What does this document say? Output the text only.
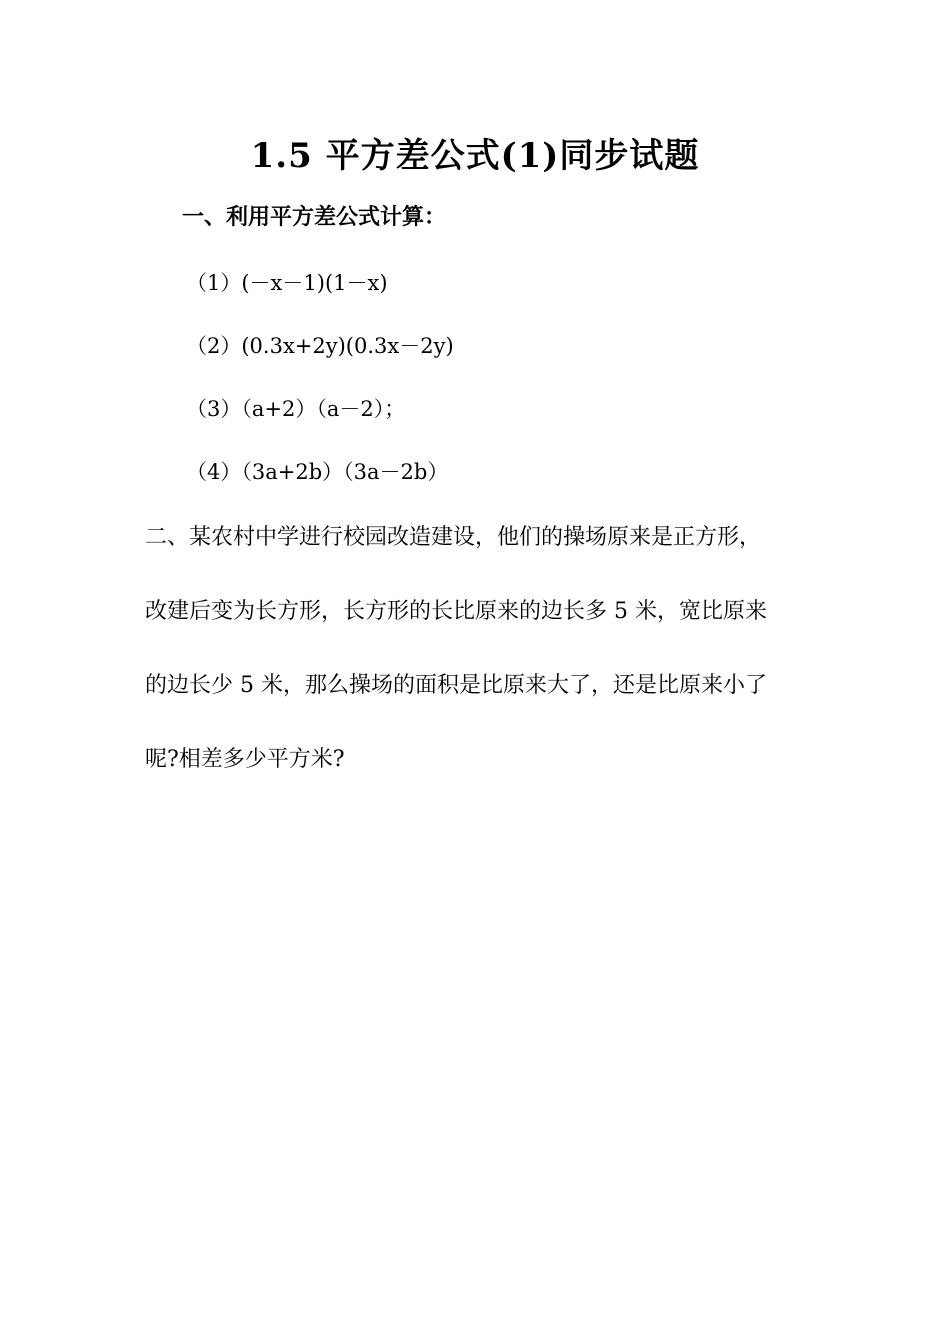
1.5 平方差公式(1)同步试题
一、利用平方差公式计算：
（1）(－x－1)(1－x)
（2）(0.3x+2y)(0.3x－2y)
（3）（a+2）（a－2）；
（4）（3a+2b）（3a－2b）
二、某农村中学进行校园改造建设，他们的操场原来是正方形，
改建后变为长方形，长方形的长比原来的边长多 5 米，宽比原来
的边长少 5 米，那么操场的面积是比原来大了，还是比原来小了
呢?相差多少平方米?
